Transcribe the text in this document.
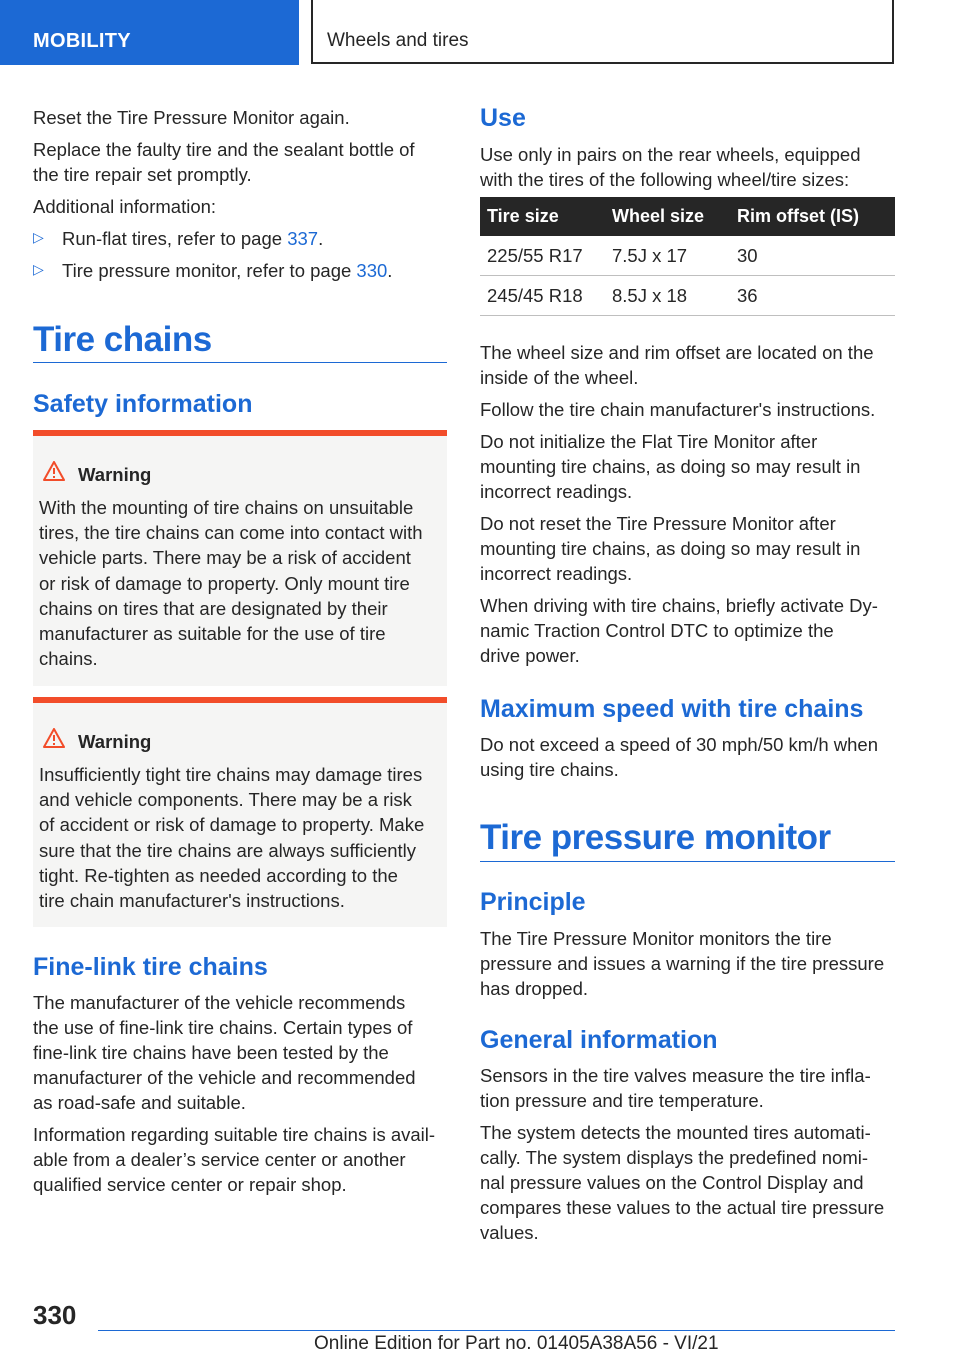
MOBILITY	Wheels and tires

Reset the Tire Pressure Monitor again.

Replace the faulty tire and the sealant bottle of

the tire repair set promptly.

Additional information:

▷ Run-flat tires, refer to page 337.

▷ Tire pressure monitor, refer to page 330.

Tire chains
Safety information
Warning
With the mounting of tire chains on unsuitable
tires, the tire chains can come into contact with
vehicle parts. There may be a risk of accident
or risk of damage to property. Only mount tire
chains on tires that are designated by their
manufacturer as suitable for the use of tire
chains.
Warning
Insufficiently tight tire chains may damage tires
and vehicle components. There may be a risk
of accident or risk of damage to property. Make
sure that the tire chains are always sufficiently
tight. Re-tighten as needed according to the
tire chain manufacturer's instructions.
Fine-link tire chains

The manufacturer of the vehicle recommends

the use of fine-link tire chains. Certain types of

fine-link tire chains have been tested by the

manufacturer of the vehicle and recommended

as road-safe and suitable.

Information regarding suitable tire chains is avail‐

able from a dealer’s service center or another

qualified service center or repair shop.

Use

Use only in pairs on the rear wheels, equipped

with the tires of the following wheel/tire sizes:

Tire size	Wheel size	Rim offset (IS)
225/55 R17	7.5J x 17	30
245/45 R18	8.5J x 18	36

The wheel size and rim offset are located on the

inside of the wheel.

Follow the tire chain manufacturer's instructions.

Do not initialize the Flat Tire Monitor after

mounting tire chains, as doing so may result in

incorrect readings.

Do not reset the Tire Pressure Monitor after

mounting tire chains, as doing so may result in

incorrect readings.

When driving with tire chains, briefly activate Dy‐

namic Traction Control DTC to optimize the

drive power.

Maximum speed with tire chains

Do not exceed a speed of 30 mph/50 km/h when

using tire chains.

Tire pressure monitor
Principle

The Tire Pressure Monitor monitors the tire

pressure and issues a warning if the tire pressure

has dropped.

General information

Sensors in the tire valves measure the tire infla‐

tion pressure and tire temperature.

The system detects the mounted tires automati‐

cally. The system displays the predefined nomi‐

nal pressure values on the Control Display and

compares these values to the actual tire pressure

values.

330
Online Edition for Part no. 01405A38A56 - VI/21
